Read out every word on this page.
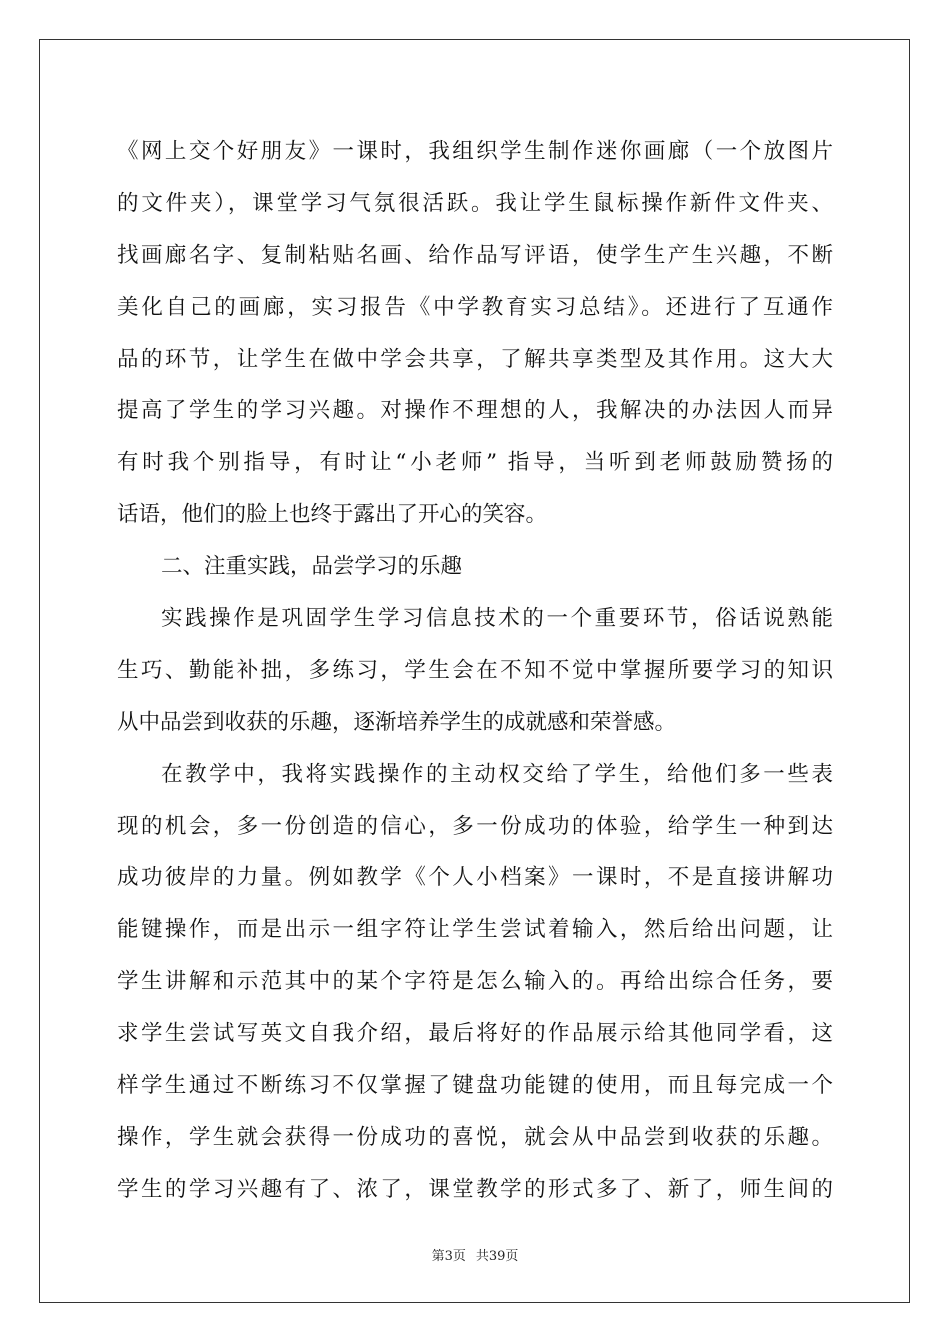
《网上交个好朋友》一课时，我组织学生制作迷你画廊（一个放图片
的文件夹），课堂学习气氛很活跃。我让学生鼠标操作新件文件夹、
找画廊名字、复制粘贴名画、给作品写评语，使学生产生兴趣，不断
美化自己的画廊，实习报告《中学教育实习总结》。还进行了互通作
品的环节，让学生在做中学会共享，了解共享类型及其作用。这大大
提高了学生的学习兴趣。对操作不理想的人，我解决的办法因人而异
有时我个别指导，有时让“小老师” 指导，当听到老师鼓励赞扬的
话语，他们的脸上也终于露出了开心的笑容。
二、注重实践，品尝学习的乐趣
实践操作是巩固学生学习信息技术的一个重要环节，俗话说熟能
生巧、勤能补拙，多练习，学生会在不知不觉中掌握所要学习的知识
从中品尝到收获的乐趣，逐渐培养学生的成就感和荣誉感。
在教学中，我将实践操作的主动权交给了学生，给他们多一些表
现的机会，多一份创造的信心，多一份成功的体验，给学生一种到达
成功彼岸的力量。例如教学《个人小档案》一课时，不是直接讲解功
能键操作，而是出示一组字符让学生尝试着输入，然后给出问题，让
学生讲解和示范其中的某个字符是怎么输入的。再给出综合任务，要
求学生尝试写英文自我介绍，最后将好的作品展示给其他同学看，这
样学生通过不断练习不仅掌握了键盘功能键的使用，而且每完成一个
操作，学生就会获得一份成功的喜悦，就会从中品尝到收获的乐趣。
学生的学习兴趣有了、浓了，课堂教学的形式多了、新了，师生间的
第3页 共39页
